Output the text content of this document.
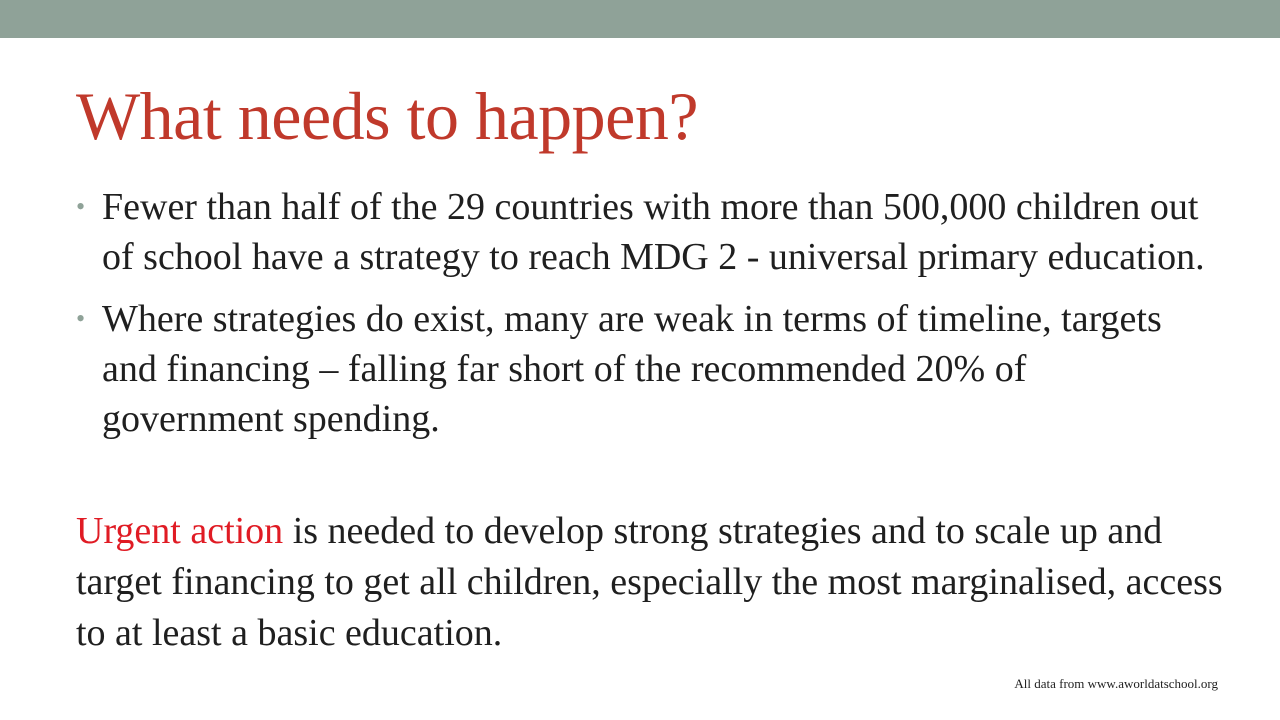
What needs to happen?
• Fewer than half of the 29 countries with more than 500,000 children out of school have a strategy to reach MDG 2 - universal primary education.
• Where strategies do exist, many are weak in terms of timeline, targets and financing – falling far short of the recommended 20% of government spending.

Urgent action is needed to develop strong strategies and to scale up and target financing to get all children, especially the most marginalised, access to at least a basic education.

All data from www.aworldatschool.org
